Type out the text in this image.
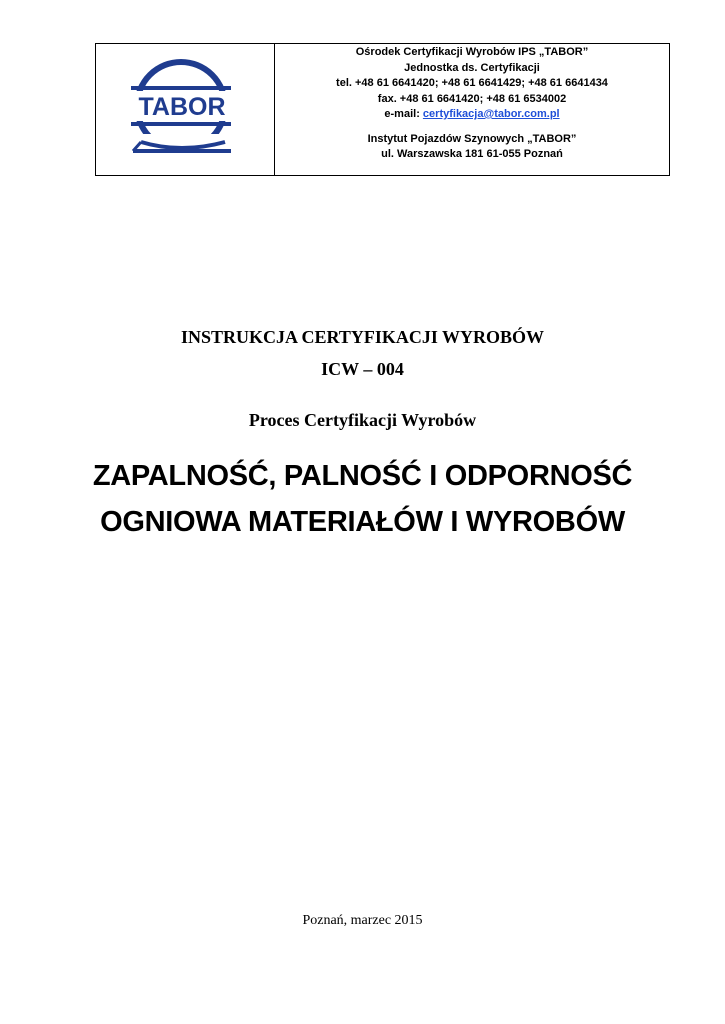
TABOR
Ośrodek Certyfikacji Wyrobów IPS „TABOR”
Jednostka ds. Certyfikacji
tel. +48 61 6641420; +48 61 6641429; +48 61 6641434
fax. +48 61 6641420; +48 61 6534002
e-mail: certyfikacja@tabor.com.pl
Instytut Pojazdów Szynowych „TABOR”
ul. Warszawska 181 61-055 Poznań
INSTRUKCJA CERTYFIKACJI WYROBÓW
ICW – 004
Proces Certyfikacji Wyrobów
ZAPALNOŚĆ, PALNOŚĆ I ODPORNOŚĆ
OGNIOWA MATERIAŁÓW I WYROBÓW
Poznań, marzec 2015
